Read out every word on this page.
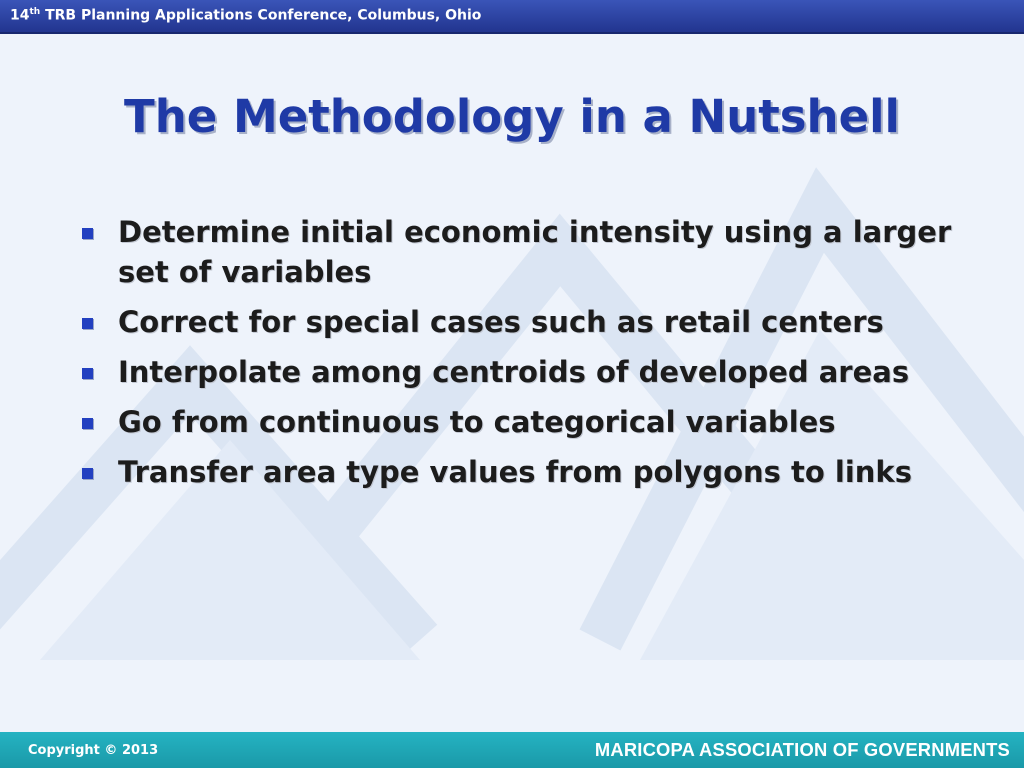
14th TRB Planning Applications Conference, Columbus, Ohio
The Methodology in a Nutshell
Determine initial economic intensity using a larger set of variables
Correct for special cases such as retail centers
Interpolate among centroids of developed areas
Go from continuous to categorical variables
Transfer area type values from polygons to links
Copyright © 2013	MARICOPA ASSOCIATION OF GOVERNMENTS
